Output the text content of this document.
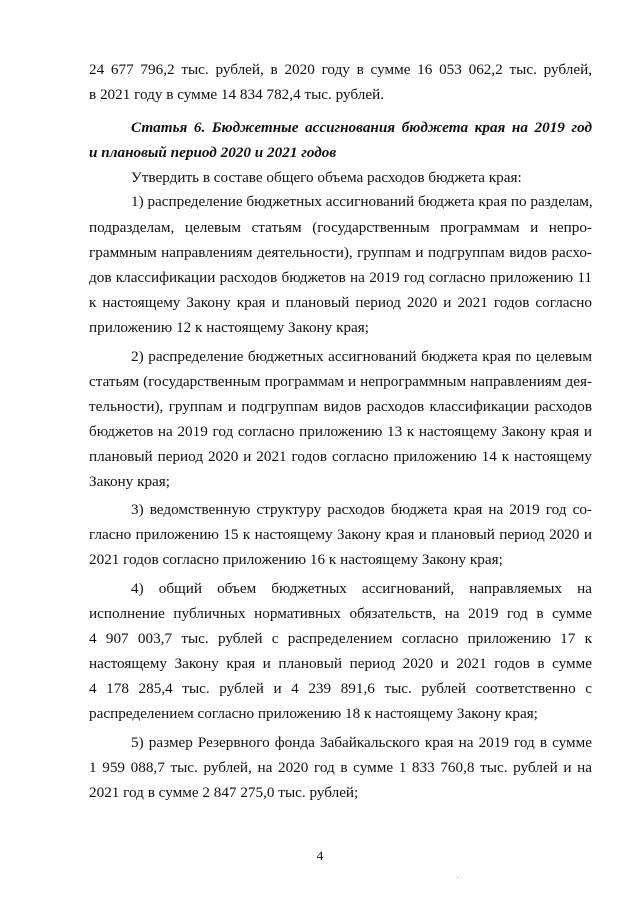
24 677 796,2 тыс. рублей, в 2020 году в сумме 16 053 062,2 тыс. рублей,
в 2021 году в сумме 14 834 782,4 тыс. рублей.
Статья 6. Бюджетные ассигнования бюджета края на 2019 год
и плановый период 2020 и 2021 годов
Утвердить в составе общего объема расходов бюджета края:
1) распределение бюджетных ассигнований бюджета края по разделам,
подразделам, целевым статьям (государственным программам и непро-
граммным направлениям деятельности), группам и подгруппам видов расхо-
дов классификации расходов бюджетов на 2019 год согласно приложению 11
к настоящему Закону края и плановый период 2020 и 2021 годов согласно
приложению 12 к настоящему Закону края;
2) распределение бюджетных ассигнований бюджета края по целевым
статьям (государственным программам и непрограммным направлениям дея-
тельности), группам и подгруппам видов расходов классификации расходов
бюджетов на 2019 год согласно приложению 13 к настоящему Закону края и
плановый период 2020 и 2021 годов согласно приложению 14 к настоящему
Закону края;
3) ведомственную структуру расходов бюджета края на 2019 год со-
гласно приложению 15 к настоящему Закону края и плановый период 2020 и
2021 годов согласно приложению 16 к настоящему Закону края;
4) общий объем бюджетных ассигнований, направляемых на
исполнение публичных нормативных обязательств, на 2019 год в сумме
4 907 003,7 тыс. рублей с распределением согласно приложению 17 к
настоящему Закону края и плановый период 2020 и 2021 годов в сумме
4 178 285,4 тыс. рублей и 4 239 891,6 тыс. рублей соответственно с
распределением согласно приложению 18 к настоящему Закону края;
5) размер Резервного фонда Забайкальского края на 2019 год в сумме
1 959 088,7 тыс. рублей, на 2020 год в сумме 1 833 760,8 тыс. рублей и на
2021 год в сумме 2 847 275,0 тыс. рублей;
4
